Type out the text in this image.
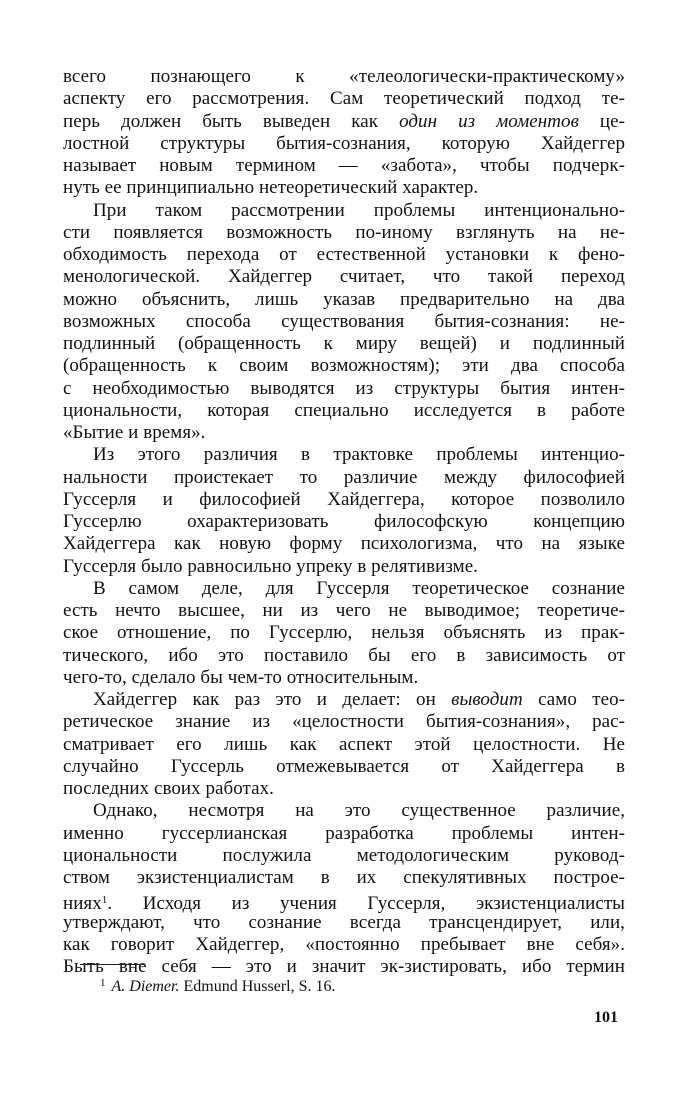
всего познающего к «телеологически-практическому»
аспекту его рассмотрения. Сам теоретический подход те-
перь должен быть выведен как один из моментов це-
лостной структуры бытия-сознания, которую Хайдеггер
называет новым термином — «забота», чтобы подчерк-
нуть ее принципиально нетеоретический характер.
При таком рассмотрении проблемы интенционально-
сти появляется возможность по-иному взглянуть на не-
обходимость перехода от естественной установки к фено-
менологической. Хайдеггер считает, что такой переход
можно объяснить, лишь указав предварительно на два
возможных способа существования бытия-сознания: не-
подлинный (обращенность к миру вещей) и подлинный
(обращенность к своим возможностям); эти два способа
с необходимостью выводятся из структуры бытия интен-
циональности, которая специально исследуется в работе
«Бытие и время».
Из этого различия в трактовке проблемы интенцио-
нальности проистекает то различие между философией
Гуссерля и философией Хайдеггера, которое позволило
Гуссерлю охарактеризовать философскую концепцию
Хайдеггера как новую форму психологизма, что на языке
Гуссерля было равносильно упреку в релятивизме.
В самом деле, для Гуссерля теоретическое сознание
есть нечто высшее, ни из чего не выводимое; теоретиче-
ское отношение, по Гуссерлю, нельзя объяснять из прак-
тического, ибо это поставило бы его в зависимость от
чего-то, сделало бы чем-то относительным.
Хайдеггер как раз это и делает: он выводит само тео-
ретическое знание из «целостности бытия-сознания», рас-
сматривает его лишь как аспект этой целостности. Не
случайно Гуссерль отмежевывается от Хайдеггера в
последних своих работах.
Однако, несмотря на это существенное различие,
именно гуссерлианская разработка проблемы интен-
циональности послужила методологическим руковод-
ством экзистенциалистам в их спекулятивных построе-
ниях$^1$. Исходя из учения Гуссерля, экзистенциалисты
утверждают, что сознание всегда трансцендирует, или,
как говорит Хайдеггер, «постоянно пребывает вне себя».
Быть вне себя — это и значит эк-зистировать, ибо термин
$^1$ A. Diemer. Edmund Husserl, S. 16.
101
